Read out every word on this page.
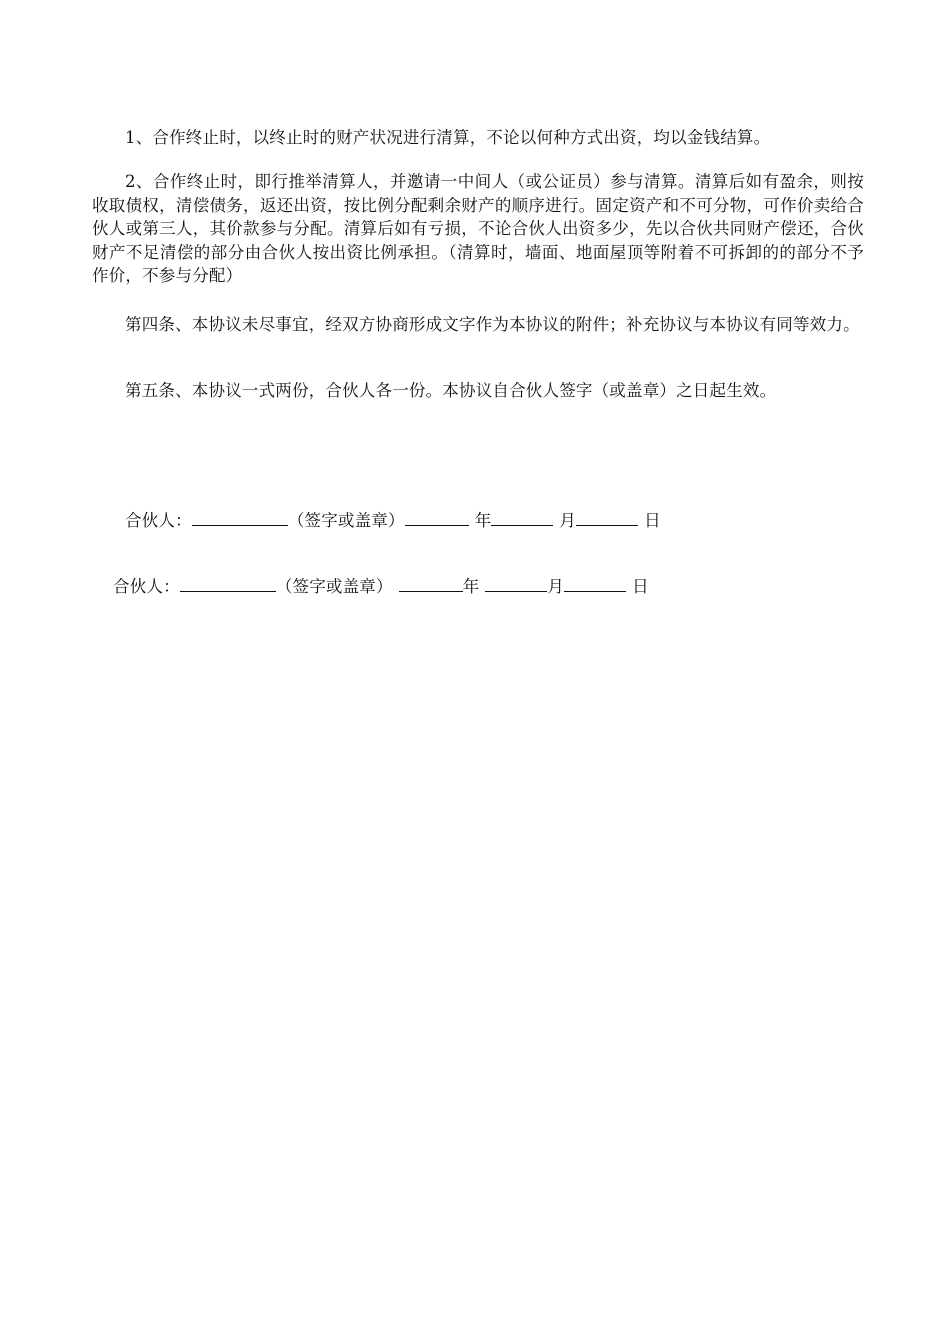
1、合作终止时，以终止时的财产状况进行清算，不论以何种方式出资，均以金钱结算。

2、合作终止时，即行推举清算人，并邀请一中间人（或公证员）参与清算。清算后如有盈余，则按收取债权，清偿债务，返还出资，按比例分配剩余财产的顺序进行。固定资产和不可分物，可作价卖给合伙人或第三人，其价款参与分配。清算后如有亏损，不论合伙人出资多少，先以合伙共同财产偿还，合伙财产不足清偿的部分由合伙人按出资比例承担。（清算时，墙面、地面屋顶等附着不可拆卸的的部分不予作价，不参与分配）

第四条、本协议未尽事宜，经双方协商形成文字作为本协议的附件；补充协议与本协议有同等效力。

第五条、本协议一式两份，合伙人各一份。本协议自合伙人签字（或盖章）之日起生效。

合伙人：	（签字或盖章）	年	月	日
合伙人：	（签字或盖章）	年	月	日
